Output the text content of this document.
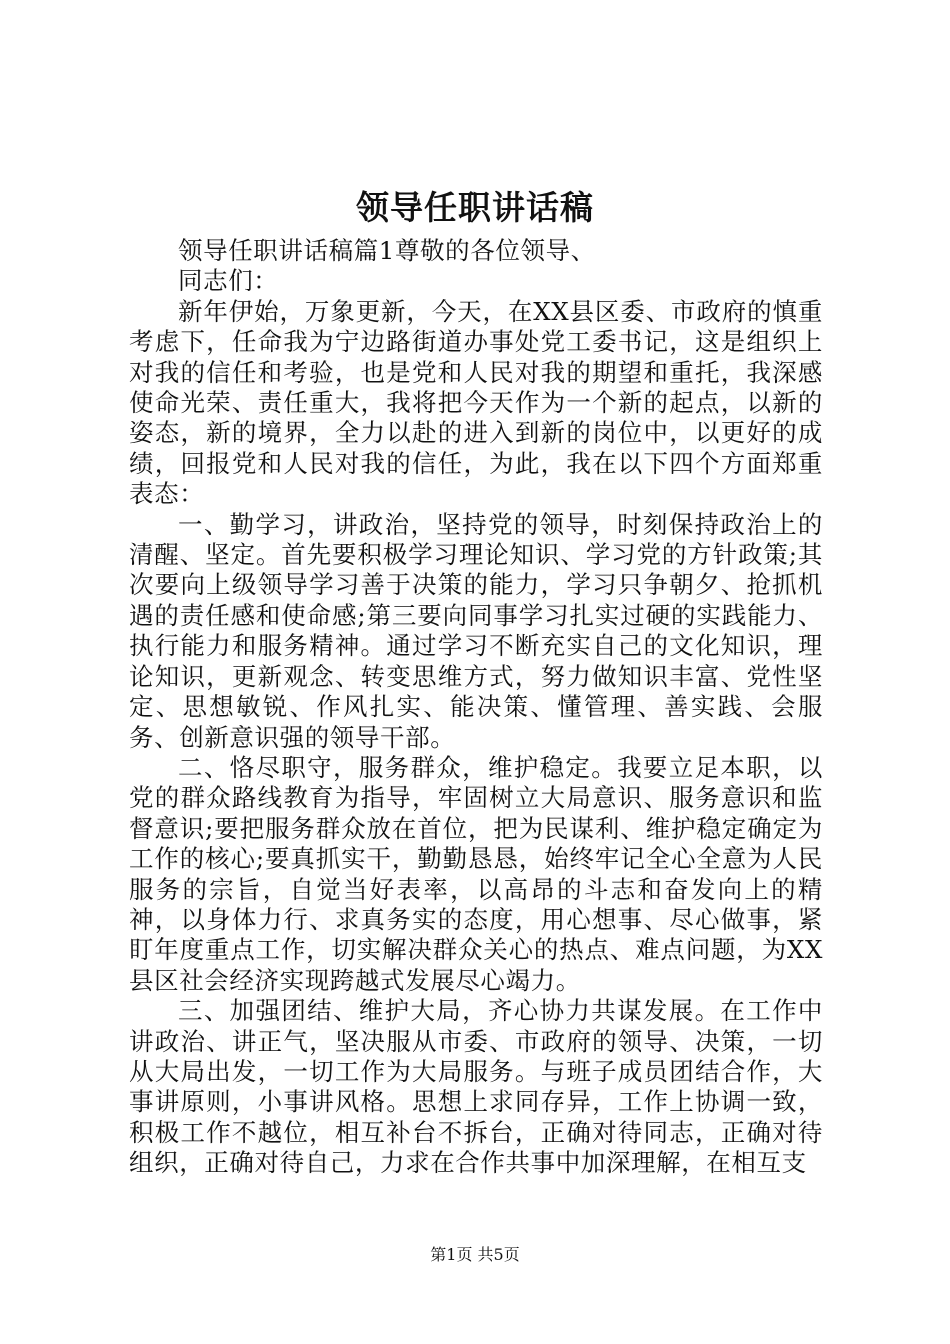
领导任职讲话稿

领导任职讲话稿篇1尊敬的各位领导、

同志们：

新年伊始，万象更新，今天，在XX县区委、市政府的慎重考虑下，任命我为宁边路街道办事处党工委书记，这是组织上对我的信任和考验，也是党和人民对我的期望和重托，我深感使命光荣、责任重大，我将把今天作为一个新的起点，以新的姿态，新的境界，全力以赴的进入到新的岗位中，以更好的成绩，回报党和人民对我的信任，为此，我在以下四个方面郑重表态：

一、勤学习，讲政治，坚持党的领导，时刻保持政治上的清醒、坚定。首先要积极学习理论知识、学习党的方针政策;其次要向上级领导学习善于决策的能力，学习只争朝夕、抢抓机遇的责任感和使命感;第三要向同事学习扎实过硬的实践能力、执行能力和服务精神。通过学习不断充实自己的文化知识，理论知识，更新观念、转变思维方式，努力做知识丰富、党性坚定、思想敏锐、作风扎实、能决策、懂管理、善实践、会服务、创新意识强的领导干部。

二、恪尽职守，服务群众，维护稳定。我要立足本职，以党的群众路线教育为指导，牢固树立大局意识、服务意识和监督意识;要把服务群众放在首位，把为民谋利、维护稳定确定为工作的核心;要真抓实干，勤勤恳恳，始终牢记全心全意为人民服务的宗旨，自觉当好表率，以高昂的斗志和奋发向上的精神，以身体力行、求真务实的态度，用心想事、尽心做事，紧盯年度重点工作，切实解决群众关心的热点、难点问题，为XX县区社会经济实现跨越式发展尽心竭力。

三、加强团结、维护大局，齐心协力共谋发展。在工作中讲政治、讲正气，坚决服从市委、市政府的领导、决策，一切从大局出发，一切工作为大局服务。与班子成员团结合作，大事讲原则，小事讲风格。思想上求同存异，工作上协调一致，积极工作不越位，相互补台不拆台，正确对待同志，正确对待组织，正确对待自己，力求在合作共事中加深理解，在相互支

第1页 共5页
